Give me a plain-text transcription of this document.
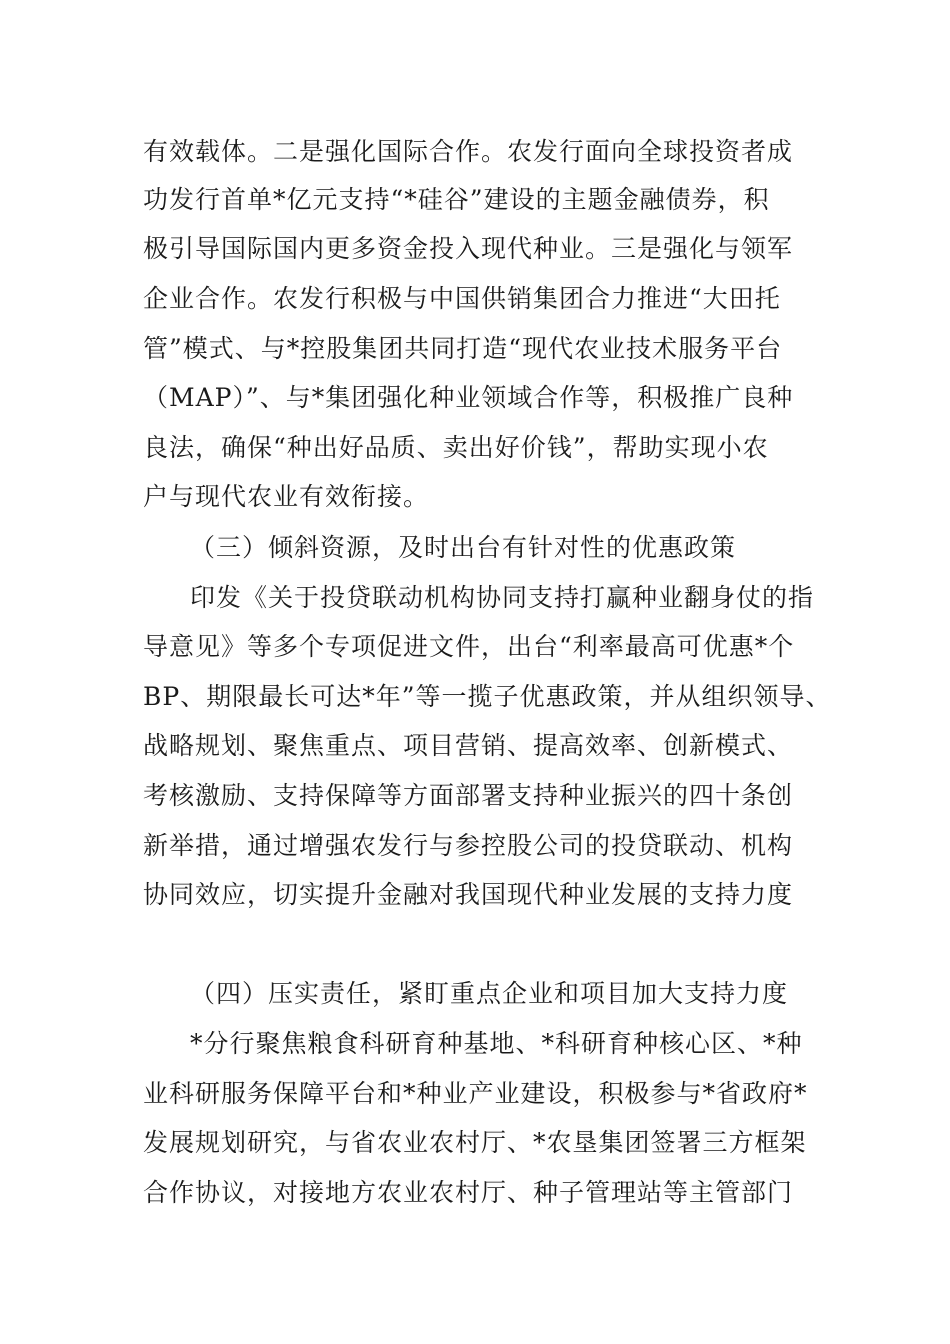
有效载体。二是强化国际合作。农发行面向全球投资者成
功发行首单*亿元支持“*硅谷”建设的主题金融债券，积
极引导国际国内更多资金投入现代种业。三是强化与领军
企业合作。农发行积极与中国供销集团合力推进“大田托
管”模式、与*控股集团共同打造“现代农业技术服务平台
（MAP）”、与*集团强化种业领域合作等，积极推广良种
良法，确保“种出好品质、卖出好价钱”，帮助实现小农
户与现代农业有效衔接。
（三）倾斜资源，及时出台有针对性的优惠政策
印发《关于投贷联动机构协同支持打赢种业翻身仗的指
导意见》等多个专项促进文件，出台“利率最高可优惠*个
BP、期限最长可达*年”等一揽子优惠政策，并从组织领导、
战略规划、聚焦重点、项目营销、提高效率、创新模式、
考核激励、支持保障等方面部署支持种业振兴的四十条创
新举措，通过增强农发行与参控股公司的投贷联动、机构
协同效应，切实提升金融对我国现代种业发展的支持力度
（四）压实责任，紧盯重点企业和项目加大支持力度
*分行聚焦粮食科研育种基地、*科研育种核心区、*种
业科研服务保障平台和*种业产业建设，积极参与*省政府*
发展规划研究，与省农业农村厅、*农垦集团签署三方框架
合作协议，对接地方农业农村厅、种子管理站等主管部门
